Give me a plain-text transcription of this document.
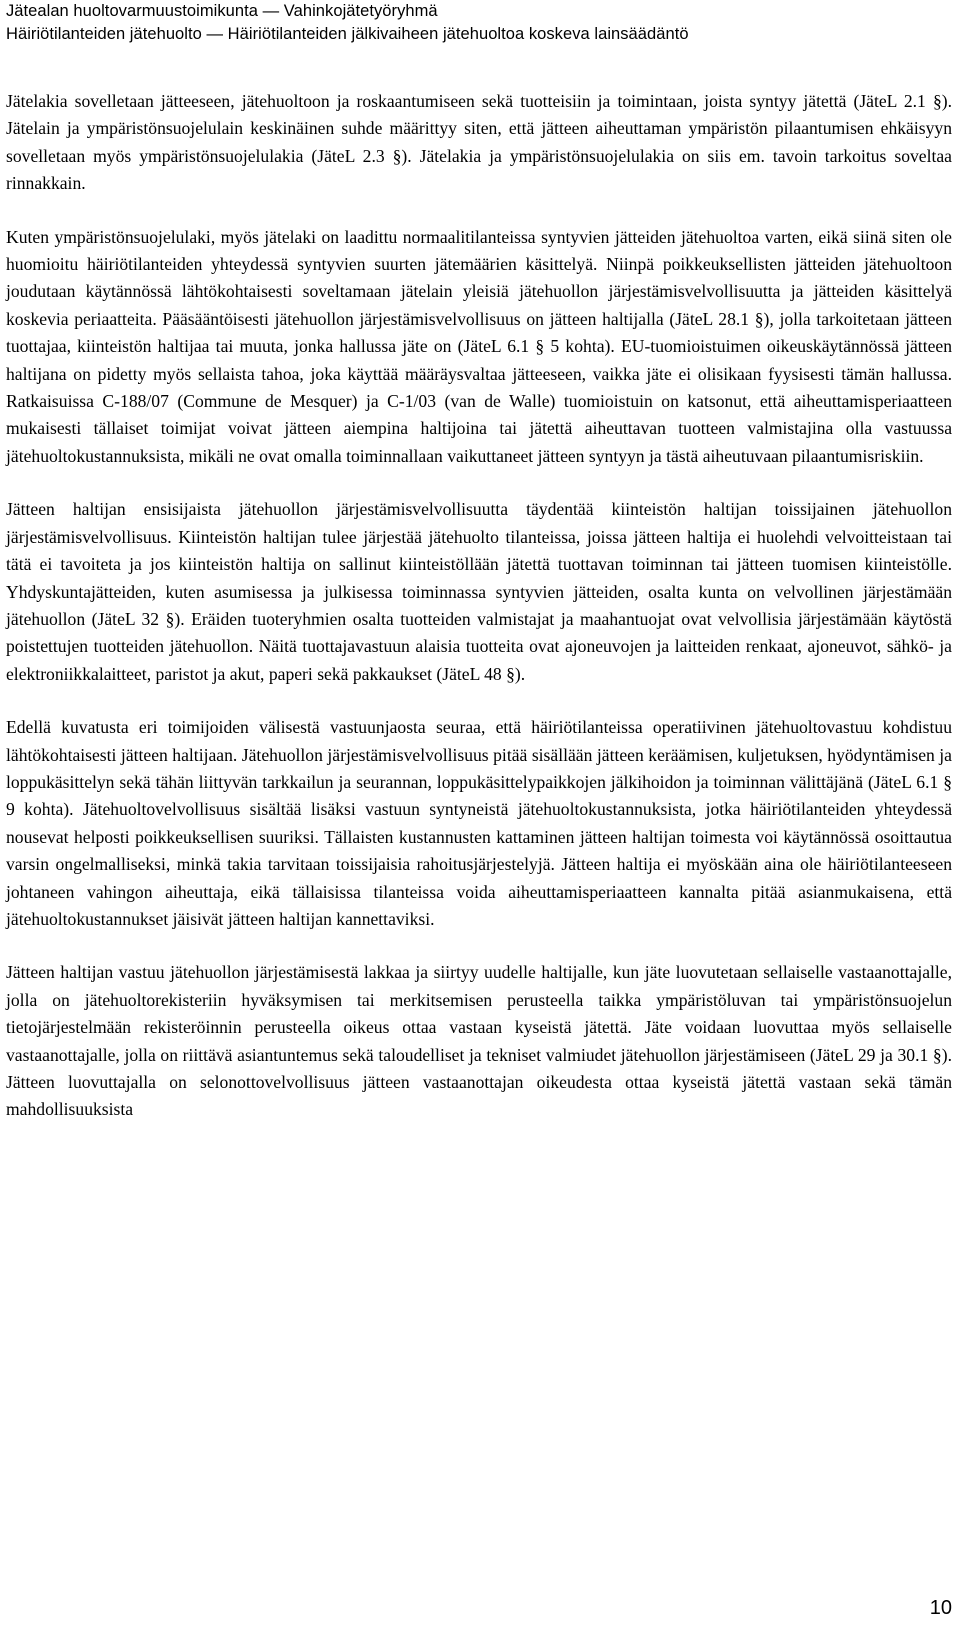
Jätealan huoltovarmuustoimikunta — Vahinkojätetyöryhmä
Häiriötilanteiden jätehuolto — Häiriötilanteiden jälkivaiheen jätehuoltoa koskeva lainsäädäntö

Jätelakia sovelletaan jätteeseen, jätehuoltoon ja roskaantumiseen sekä tuotteisiin ja toimintaan, joista syntyy jätettä (JäteL 2.1 §). Jätelain ja ympäristönsuojelulain keskinäinen suhde määrittyy siten, että jätteen aiheuttaman ympäristön pilaantumisen ehkäisyyn sovelletaan myös ympäristönsuojelulakia (JäteL 2.3 §). Jätelakia ja ympäristönsuojelulakia on siis em. tavoin tarkoitus soveltaa rinnakkain.

Kuten ympäristönsuojelulaki, myös jätelaki on laadittu normaalitilanteissa syntyvien jätteiden jätehuoltoa varten, eikä siinä siten ole huomioitu häiriötilanteiden yhteydessä syntyvien suurten jätemäärien käsittelyä. Niinpä poikkeuksellisten jätteiden jätehuoltoon joudutaan käytännössä lähtökohtaisesti soveltamaan jätelain yleisiä jätehuollon järjestämisvelvollisuutta ja jätteiden käsittelyä koskevia periaatteita. Pääsääntöisesti jätehuollon järjestämisvelvollisuus on jätteen haltijalla (JäteL 28.1 §), jolla tarkoitetaan jätteen tuottajaa, kiinteistön haltijaa tai muuta, jonka hallussa jäte on (JäteL 6.1 § 5 kohta). EU-tuomioistuimen oikeuskäytännössä jätteen haltijana on pidetty myös sellaista tahoa, joka käyttää määräysvaltaa jätteeseen, vaikka jäte ei olisikaan fyysisesti tämän hallussa. Ratkaisuissa C-188/07 (Commune de Mesquer) ja C-1/03 (van de Walle) tuomioistuin on katsonut, että aiheuttamisperiaatteen mukaisesti tällaiset toimijat voivat jätteen aiempina haltijoina tai jätettä aiheuttavan tuotteen valmistajina olla vastuussa jätehuoltokustannuksista, mikäli ne ovat omalla toiminnallaan vaikuttaneet jätteen syntyyn ja tästä aiheutuvaan pilaantumisriskiin.

Jätteen haltijan ensisijaista jätehuollon järjestämisvelvollisuutta täydentää kiinteistön haltijan toissijainen jätehuollon järjestämisvelvollisuus. Kiinteistön haltijan tulee järjestää jätehuolto tilanteissa, joissa jätteen haltija ei huolehdi velvoitteistaan tai tätä ei tavoiteta ja jos kiinteistön haltija on sallinut kiinteistöllään jätettä tuottavan toiminnan tai jätteen tuomisen kiinteistölle. Yhdyskuntajätteiden, kuten asumisessa ja julkisessa toiminnassa syntyvien jätteiden, osalta kunta on velvollinen järjestämään jätehuollon (JäteL 32 §). Eräiden tuoteryhmien osalta tuotteiden valmistajat ja maahantuojat ovat velvollisia järjestämään käytöstä poistettujen tuotteiden jätehuollon. Näitä tuottajavastuun alaisia tuotteita ovat ajoneuvojen ja laitteiden renkaat, ajoneuvot, sähkö- ja elektroniikkalaitteet, paristot ja akut, paperi sekä pakkaukset (JäteL 48 §).

Edellä kuvatusta eri toimijoiden välisestä vastuunjaosta seuraa, että häiriötilanteissa operatiivinen jätehuoltovastuu kohdistuu lähtökohtaisesti jätteen haltijaan. Jätehuollon järjestämisvelvollisuus pitää sisällään jätteen keräämisen, kuljetuksen, hyödyntämisen ja loppukäsittelyn sekä tähän liittyvän tarkkailun ja seurannan, loppukäsittelypaikkojen jälkihoidon ja toiminnan välittäjänä (JäteL 6.1 § 9 kohta). Jätehuoltovelvollisuus sisältää lisäksi vastuun syntyneistä jätehuoltokustannuksista, jotka häiriötilanteiden yhteydessä nousevat helposti poikkeuksellisen suuriksi. Tällaisten kustannusten kattaminen jätteen haltijan toimesta voi käytännössä osoittautua varsin ongelmalliseksi, minkä takia tarvitaan toissijaisia rahoitusjärjestelyjä. Jätteen haltija ei myöskään aina ole häiriötilanteeseen johtaneen vahingon aiheuttaja, eikä tällaisissa tilanteissa voida aiheuttamisperiaatteen kannalta pitää asianmukaisena, että jätehuoltokustannukset jäisivät jätteen haltijan kannettaviksi.

Jätteen haltijan vastuu jätehuollon järjestämisestä lakkaa ja siirtyy uudelle haltijalle, kun jäte luovutetaan sellaiselle vastaanottajalle, jolla on jätehuoltorekisteriin hyväksymisen tai merkitsemisen perusteella taikka ympäristöluvan tai ympäristönsuojelun tietojärjestelmään rekisteröinnin perusteella oikeus ottaa vastaan kyseistä jätettä. Jäte voidaan luovuttaa myös sellaiselle vastaanottajalle, jolla on riittävä asiantuntemus sekä taloudelliset ja tekniset valmiudet jätehuollon järjestämiseen (JäteL 29 ja 30.1 §). Jätteen luovuttajalla on selonottovelvollisuus jätteen vastaanottajan oikeudesta ottaa kyseistä jätettä vastaan sekä tämän mahdollisuuksista

10
